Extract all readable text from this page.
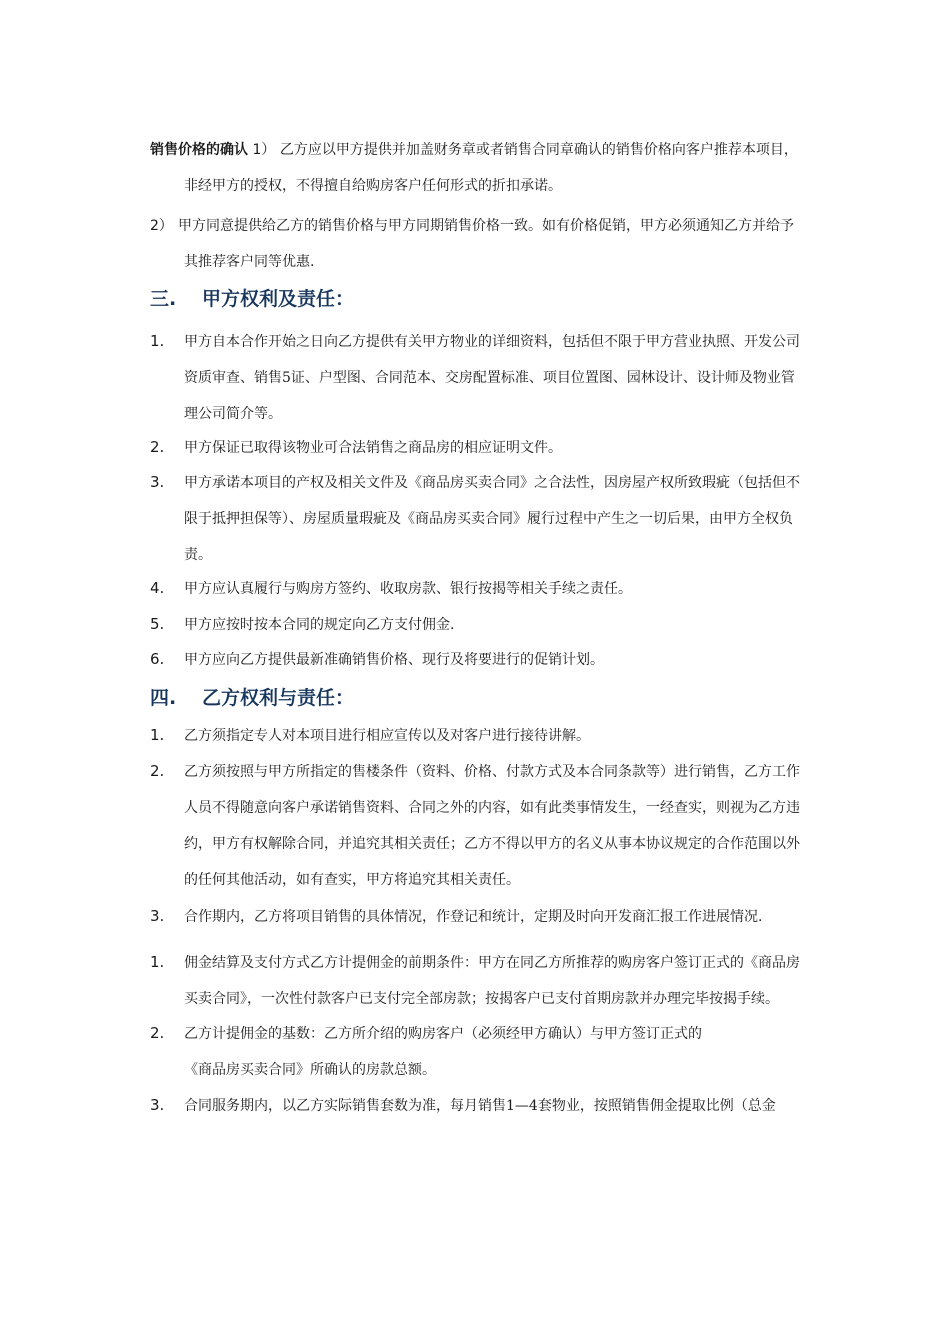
销售价格的确认 1） 乙方应以甲方提供并加盖财务章或者销售合同章确认的销售价格向客户推荐本项目，
非经甲方的授权，不得擅自给购房客户任何形式的折扣承诺。
2） 甲方同意提供给乙方的销售价格与甲方同期销售价格一致。如有价格促销，甲方必须通知乙方并给予
其推荐客户同等优惠.
三. 甲方权利及责任：
1. 甲方自本合作开始之日向乙方提供有关甲方物业的详细资料，包括但不限于甲方营业执照、开发公司
资质审查、销售5证、户型图、合同范本、交房配置标准、项目位置图、园林设计、设计师及物业管
理公司简介等。
2. 甲方保证已取得该物业可合法销售之商品房的相应证明文件。
3. 甲方承诺本项目的产权及相关文件及《商品房买卖合同》之合法性，因房屋产权所致瑕疵（包括但不
限于抵押担保等）、房屋质量瑕疵及《商品房买卖合同》履行过程中产生之一切后果，由甲方全权负
责。
4. 甲方应认真履行与购房方签约、收取房款、银行按揭等相关手续之责任。
5. 甲方应按时按本合同的规定向乙方支付佣金.
6. 甲方应向乙方提供最新准确销售价格、现行及将要进行的促销计划。
四. 乙方权利与责任：
1. 乙方须指定专人对本项目进行相应宣传以及对客户进行接待讲解。
2. 乙方须按照与甲方所指定的售楼条件（资料、价格、付款方式及本合同条款等）进行销售，乙方工作
人员不得随意向客户承诺销售资料、合同之外的内容，如有此类事情发生，一经查实，则视为乙方违
约，甲方有权解除合同，并追究其相关责任；乙方不得以甲方的名义从事本协议规定的合作范围以外
的任何其他活动，如有查实，甲方将追究其相关责任。
3. 合作期内，乙方将项目销售的具体情况，作登记和统计，定期及时向开发商汇报工作进展情况.
1. 佣金结算及支付方式乙方计提佣金的前期条件：甲方在同乙方所推荐的购房客户签订正式的《商品房
买卖合同》，一次性付款客户已支付完全部房款；按揭客户已支付首期房款并办理完毕按揭手续。
2. 乙方计提佣金的基数：乙方所介绍的购房客户（必须经甲方确认）与甲方签订正式的
《商品房买卖合同》所确认的房款总额。
3. 合同服务期内，以乙方实际销售套数为准，每月销售1—4套物业，按照销售佣金提取比例（总金
